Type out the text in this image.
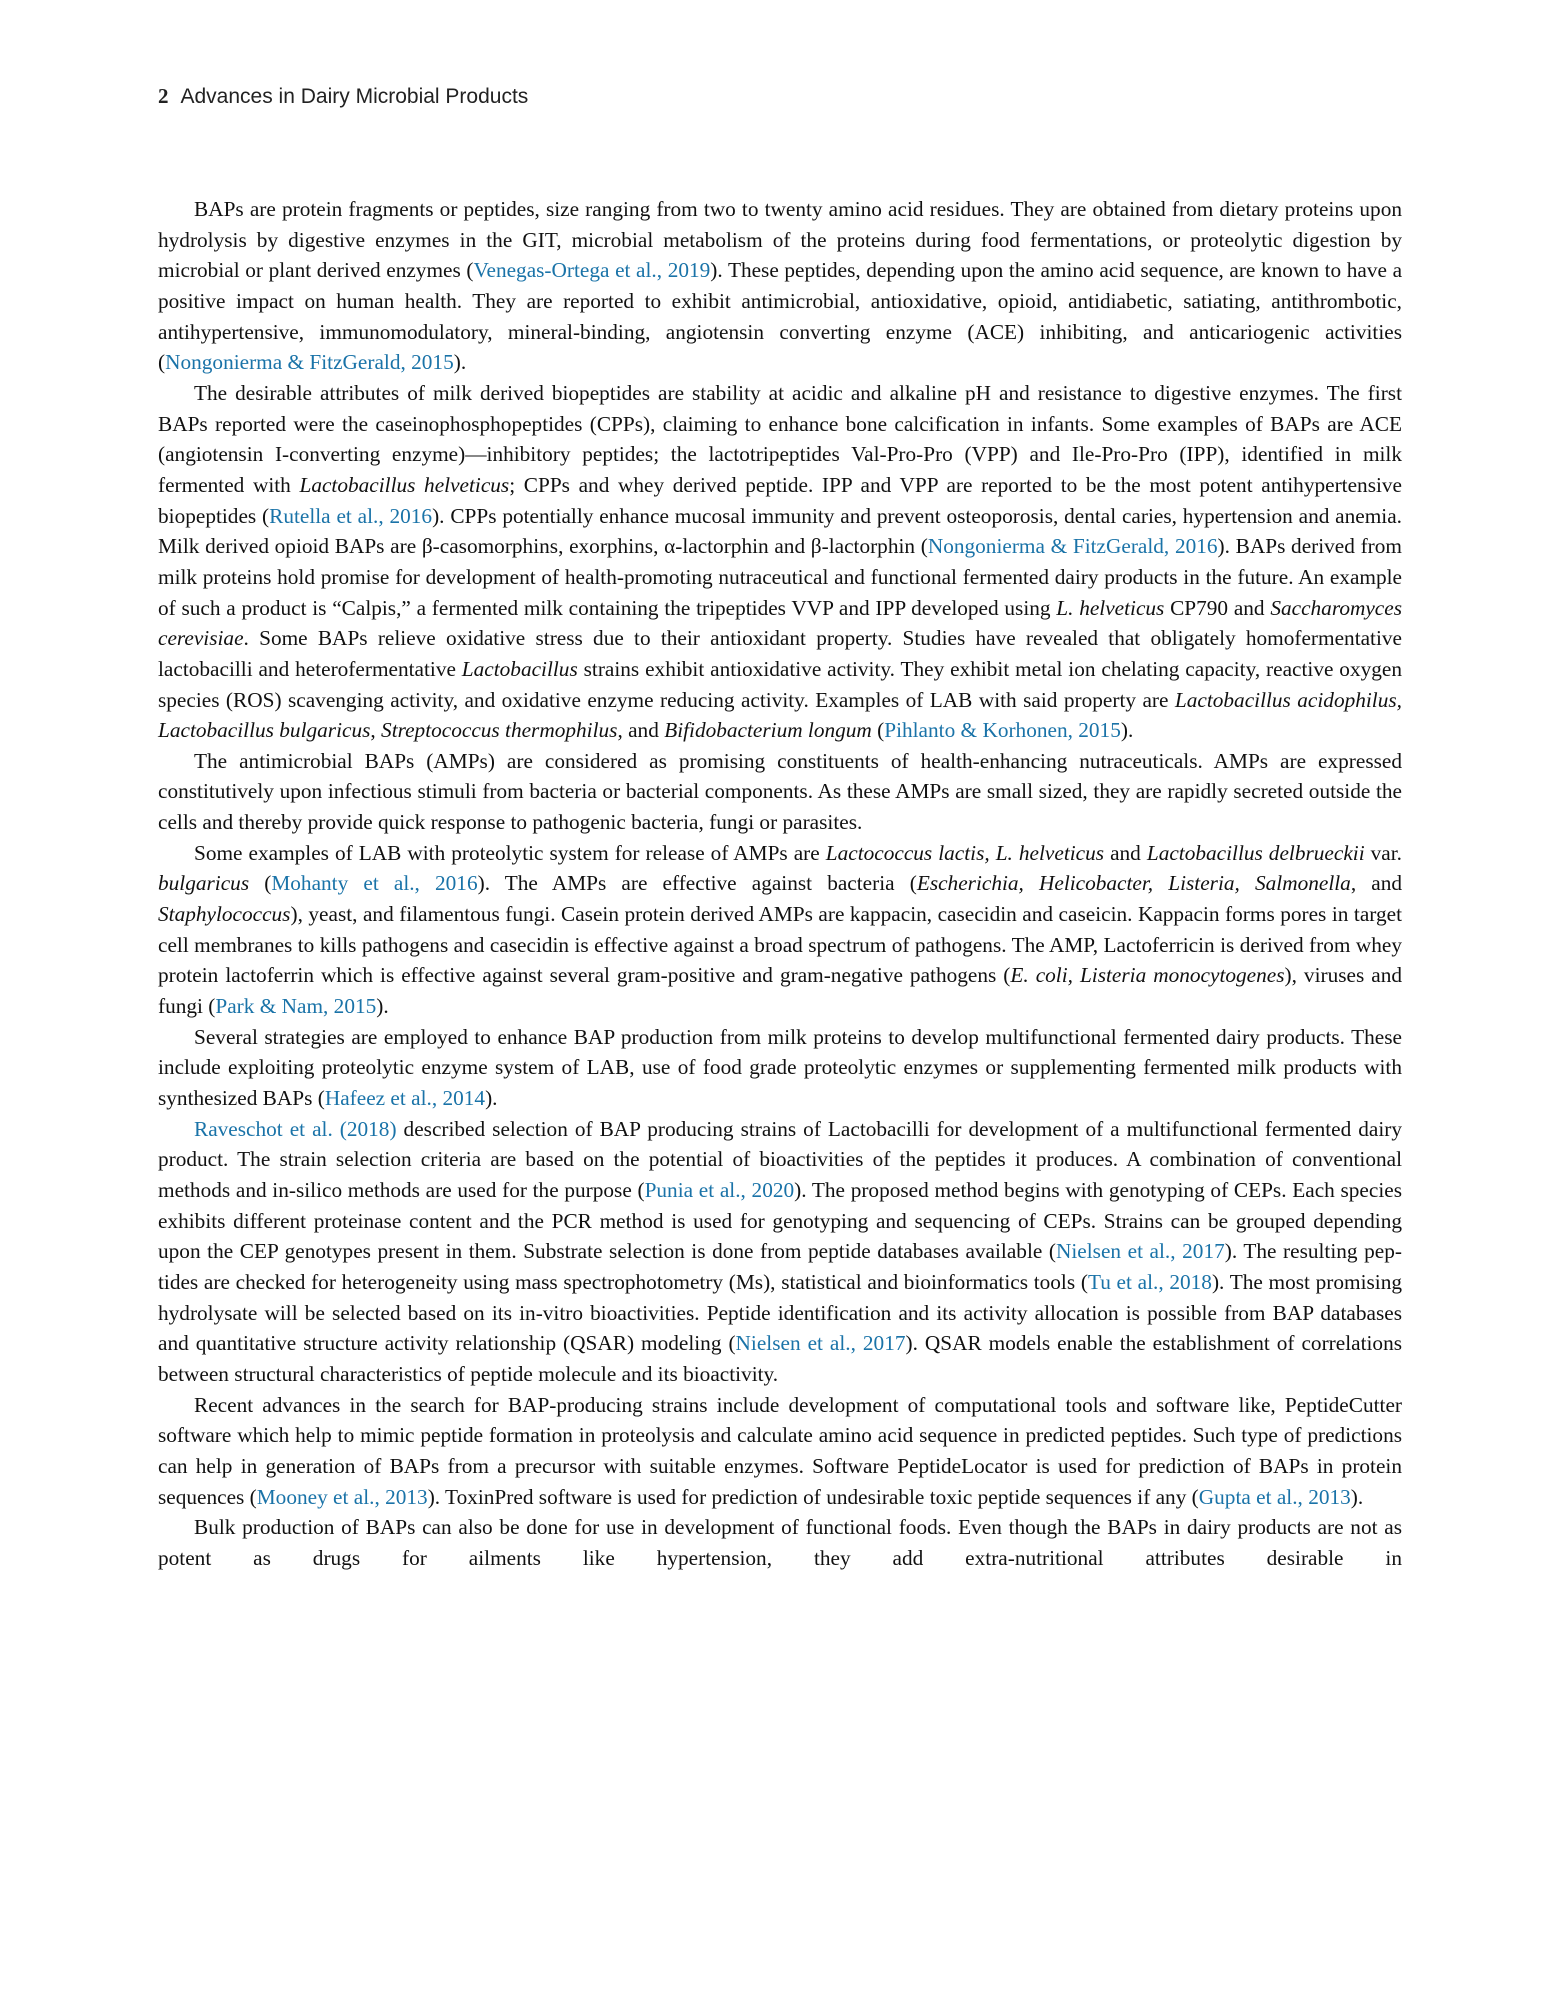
2 Advances in Dairy Microbial Products

BAPs are protein fragments or peptides, size ranging from two to twenty amino acid residues. They are obtained from dietary proteins upon hydrolysis by digestive enzymes in the GIT, microbial metabolism of the proteins during food fermentations, or proteolytic digestion by microbial or plant derived enzymes (Venegas-Ortega et al., 2019). These peptides, depending upon the amino acid sequence, are known to have a positive impact on human health. They are reported to exhibit antimicrobial, antioxidative, opioid, antidiabetic, satiating, antithrombotic, antihypertensive, immunomodulatory, mineral-binding, angiotensin converting enzyme (ACE) inhibiting, and anticariogenic activities (Nongonierma & FitzGerald, 2015).

The desirable attributes of milk derived biopeptides are stability at acidic and alkaline pH and resistance to digestive enzymes. The first BAPs reported were the caseinophosphopeptides (CPPs), claiming to enhance bone calcification in infants. Some examples of BAPs are ACE (angiotensin I-converting enzyme)—inhibitory peptides; the lactotripeptides Val-Pro-Pro (VPP) and Ile-Pro-Pro (IPP), identified in milk fermented with Lactobacillus helveticus; CPPs and whey derived peptide. IPP and VPP are reported to be the most potent antihypertensive biopeptides (Rutella et al., 2016). CPPs potentially enhance mucosal immunity and prevent osteoporosis, dental caries, hypertension and anemia. Milk derived opioid BAPs are β-casomorphins, exorphins, α-lactorphin and β-lactorphin (Nongonierma & FitzGerald, 2016). BAPs derived from milk proteins hold promise for development of health-promoting nutraceutical and functional fermented dairy products in the future. An example of such a product is “Calpis,” a fermented milk containing the tripeptides VVP and IPP developed using L. helveticus CP790 and Saccharomyces cerevisiae. Some BAPs relieve oxidative stress due to their antioxidant property. Studies have revealed that obligately homofermentative lactobacilli and heterofermentative Lactobacillus strains exhibit antioxidative activity. They exhibit metal ion chelating capacity, reactive oxygen species (ROS) scavenging activity, and oxidative enzyme reducing activity. Examples of LAB with said property are Lactobacillus acidophilus, Lactobacillus bulgaricus, Streptococcus thermophilus, and Bifidobacterium longum (Pihlanto & Korhonen, 2015).

The antimicrobial BAPs (AMPs) are considered as promising constituents of health-enhancing nutraceuticals. AMPs are expressed constitutively upon infectious stimuli from bacteria or bacterial components. As these AMPs are small sized, they are rapidly secreted outside the cells and thereby provide quick response to pathogenic bacteria, fungi or parasites.

Some examples of LAB with proteolytic system for release of AMPs are Lactococcus lactis, L. helveticus and Lactobacillus delbrueckii var. bulgaricus (Mohanty et al., 2016). The AMPs are effective against bacteria (Escherichia, Helicobacter, Listeria, Salmonella, and Staphylococcus), yeast, and filamentous fungi. Casein protein derived AMPs are kappacin, casecidin and caseicin. Kappacin forms pores in target cell membranes to kills pathogens and casecidin is effective against a broad spectrum of pathogens. The AMP, Lactoferricin is derived from whey protein lactoferrin which is effective against several gram-positive and gram-negative pathogens (E. coli, Listeria monocytogenes), viruses and fungi (Park & Nam, 2015).

Several strategies are employed to enhance BAP production from milk proteins to develop multifunctional fermented dairy products. These include exploiting proteolytic enzyme system of LAB, use of food grade proteolytic enzymes or supplementing fermented milk products with synthesized BAPs (Hafeez et al., 2014).

Raveschot et al. (2018) described selection of BAP producing strains of Lactobacilli for development of a multifunctional fermented dairy product. The strain selection criteria are based on the potential of bioactivities of the peptides it produces. A combination of conventional methods and in-silico methods are used for the purpose (Punia et al., 2020). The proposed method begins with genotyping of CEPs. Each species exhibits different proteinase content and the PCR method is used for genotyping and sequencing of CEPs. Strains can be grouped depending upon the CEP genotypes present in them. Substrate selection is done from peptide databases available (Nielsen et al., 2017). The resulting peptides are checked for heterogeneity using mass spectrophotometry (Ms), statistical and bioinformatics tools (Tu et al., 2018). The most promising hydrolysate will be selected based on its in-vitro bioactivities. Peptide identification and its activity allocation is possible from BAP databases and quantitative structure activity relationship (QSAR) modeling (Nielsen et al., 2017). QSAR models enable the establishment of correlations between structural characteristics of peptide molecule and its bioactivity.

Recent advances in the search for BAP-producing strains include development of computational tools and software like, PeptideCutter software which help to mimic peptide formation in proteolysis and calculate amino acid sequence in predicted peptides. Such type of predictions can help in generation of BAPs from a precursor with suitable enzymes. Software PeptideLocator is used for prediction of BAPs in protein sequences (Mooney et al., 2013). ToxinPred software is used for prediction of undesirable toxic peptide sequences if any (Gupta et al., 2013).

Bulk production of BAPs can also be done for use in development of functional foods. Even though the BAPs in dairy products are not as potent as drugs for ailments like hypertension, they add extra-nutritional attributes desirable in
